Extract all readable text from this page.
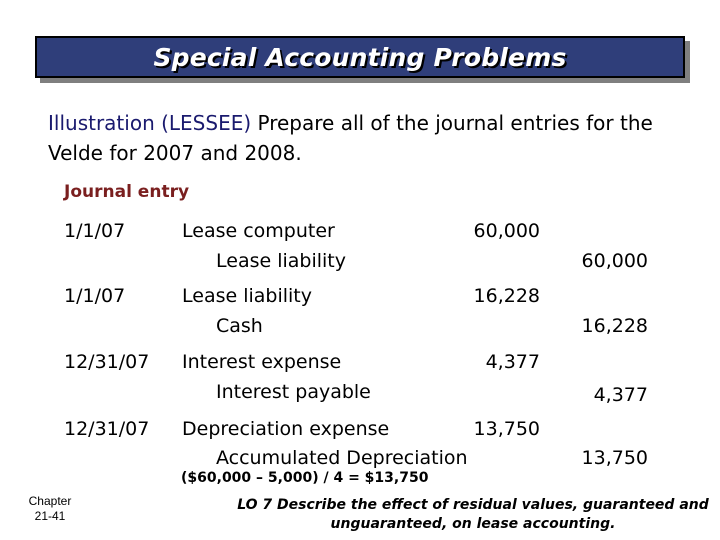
Special Accounting Problems
Illustration (LESSEE) Prepare all of the journal entries for the Velde for 2007 and 2008.
Journal entry
1/1/07	Lease computer
Lease liability
60,000
60,000
1/1/07	Lease liability
Cash
16,228
16,228
12/31/07 Interest expense
Interest payable
4,377
4,377
12/31/07 Depreciation expense
Accumulated Depreciation
13,750
13,750
($60,000 – 5,000) / 4 = $13,750
Chapter
21-41
LO 7 Describe the effect of residual values, guaranteed and unguaranteed, on lease accounting.
